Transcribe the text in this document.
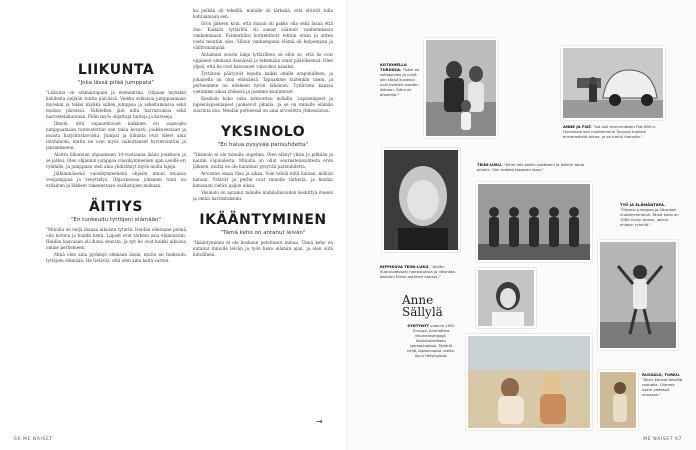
LIIKUNTA
"Joka lässä pitää jumppata"

"Liikunta on elämäntapani ja elementtini. Olipaan myöskin kahdesta neljään tuntia päivässä. Veikko erikoisia jumppaamaan myöskin ja töiksi käykkä siihen jumppaa ja askeltamoissa sekä muissa piireissä. Vähitellen jäin niitä harrastuksia sekä harrasteliikuntaan. Pidin myös ohjattuja tunteja ja kursseja.

Ilmeni, että vapaaehtoiset kaikkien eri osastojen jumppaamaan tunnustettiin sen takia kovasti, joukkueestaan ja muista harjoitustavoista. Jumpat ja liikunta ovat olleet aina intohimoni, mutta ne ovat myös vaikuttaneet hyvinvointiini ja jaksamiseeni.

Aloitin liikunnan ohjaamisen 14-vuotiaana ikään joukkoon ja se jatkui. Olen ohjannut jumppaa vuosikymmenien ajan useille eri ryhmille, ja jumppaan olen aina yhdistänyt myös muita lajeja.

Jälkimmäisenä vuosikymmenenä ohjasin muun muassa vesijumppaa ja venyttelyä. Ohjauksessa jokainen tunti on erilainen ja liikkeet rakennetaan osallistujien mukaan.

ÄITIYS
"En tunkeudu tyttöjeni elämään"

"Minulla on neljä ihanaa aikuista tytärtä. Heidän ollessaan pieniä olin kotona ja hoidin heitä. Lapset ovat tärkein asia elämässäni. Heidän kasvuaan oli ihana seurata, ja nyt he ovat kaikki aikuisia omine perheineen.

Minä olen aina pyrkinyt olemaan läsnä, mutta en tunkeudu tyttöjeni elämään. He tietävät, että olen aina heitä varten.

ka pelkän oli tekeillä, minulle oli tärkeää, että ehtivät tulla kohtaamaan sen.

Eron jälkeen koin, että minun oli pakko olla sekä läsnä että itse. Kaikilla tyttärillä oli samat säännöt vanhemmasta vanhemmaan. Esimerkiksi kotitehtävät tehtiin ensin ja sitten vasta mentiin ulos. Silloin vanhempana elämä oli helpompaa ja välittömämpää.

Antamani suurin lahja tyttärilleni on ollut se, että he ovat oppineet olemaan itsenäisiä ja tekemään omat päätöksensä. Olen ylpeä, että he ovat kasvaneet vahvoiksi naisiksi.

Tyttäreni päätyivät lopulta kaikki omille urapoluilleen, ja jokaisella on oma elämänsä. Tapaamme kuitenkin usein, ja perheemme on edelleen hyvin läheinen. Tyttärieni kanssa vietämme aikaa yhdessä ja jaamme kuulumiset.

Kesäisin koko suku kokoontuu mökille. Lapsenlapset ja lapsenlapsenlapset juoksevat pihalla, ja se on minulle elämän suurinta iloa. Meidän perheessä on aina arvostettu yhdessäoloa.

YKSINOLO
"En halua pysyvää parisuhdetta"

"Yksinolo ei ole minulle ongelma. Olen elänyt yksin jo pitkään ja nautin vapaudesta. Minulla on ollut seurustelusuhteita eron jälkeen, mutta en ole halunnut pysyvää parisuhdetta.

Arvostan omaa tilaa ja aikaa. Voin tehdä mitä haluan, milloin haluan. Ystävät ja perhe ovat minulle tärkeitä, ja heidän kanssaan vietän paljon aikaa.

Yksinolo on antanut minulle mahdollisuuden keskittyä itseeni ja omiin harrastuksiini.

IKÄÄNTYMINEN
"Tämä keho on antanut leivän"

"Ikääntyminen ei ole koskaan pelottanut minua. Tämä keho on antanut minulle leivän ja työn koko elämän ajan, ja olen siitä kiitollinen.

66 ME NAISET
→
ME NAISET 67
KOTIOHELLA TURUSSA. "Isäni on sotilasmies ja minä olin tässä kuvassa noin kolmen vuoden ikäinen. Äitini oli ompelija."
ANNE JA FIAT. "Isä osti ensimmäisen Fiat 600:n. Huomasin sen myöhemmin Turussa tuolloin ensimmäistä autoa, ja se tuntui ihanalta."
TEINI-LUKU. "Äitini teki kaikki vaatteeni ja leikitin taloa pihalla. Olin todella tasaisen lapsi."
RIPPIKUVA TEINI-LUKU. "Aloitin nuoruudessani harrastuksia ja liikuntaa. Kasvoin tiiviin perheen kanssa."
TYÖ JA ELÄMÄNTAPA. "Ohjasin jumppaa ja liikuntaa vuosikymmeniä. Tämä kuva on 1980-luvun alusta, jolloin ohjasin ryhmiä."
RUSSALO, TURKU. "Äitini kanssa kesällä rannalla. Olimme usein yhdessä uimassa."
Anne
Sällylä
SYNTYNYT vuonna 1952 Turussa. Ammattina liikunnanohjaaja. Koulutukseltaan sairaanhoitaja. Tyttäriä neljä, lapsenlapsia useita. Asuu Helsingissä.
